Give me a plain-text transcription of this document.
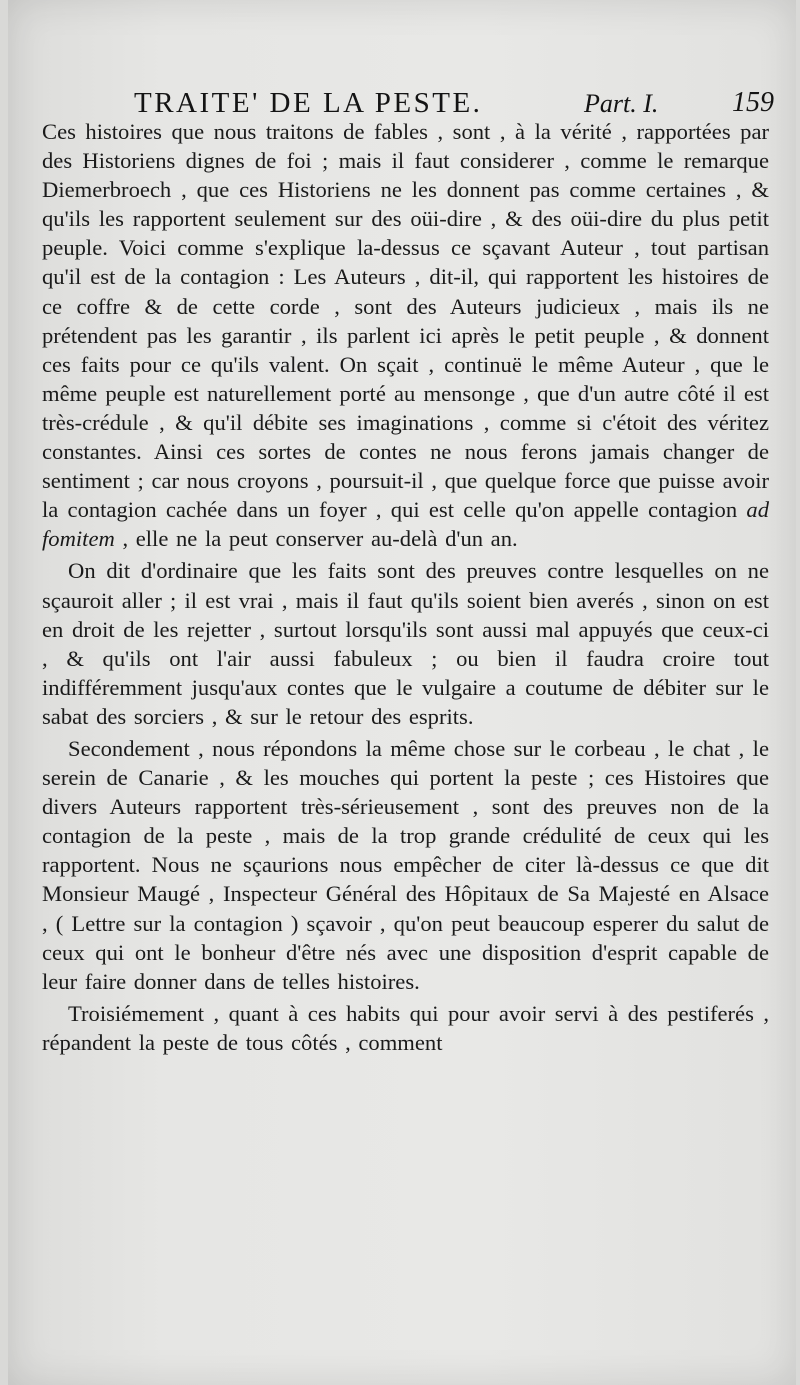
TRAITE' DE LA PESTE.	Part. I.	159

Ces histoires que nous traitons de fables , sont , à la vérité , rapportées par des Historiens dignes de foi ; mais il faut considerer , comme le remarque Diemerbroech , que ces Historiens ne les donnent pas comme certaines , & qu'ils les rapportent seulement sur des oüi-dire , & des oüi-dire du plus petit peuple. Voici comme s'explique la-dessus ce sçavant Auteur , tout partisan qu'il est de la contagion : Les Auteurs , dit-il, qui rapportent les histoires de ce coffre & de cette corde , sont des Auteurs judicieux , mais ils ne prétendent pas les garantir , ils parlent ici après le petit peuple , & donnent ces faits pour ce qu'ils valent. On sçait , continuë le même Auteur , que le même peuple est naturellement porté au mensonge , que d'un autre côté il est très-crédule , & qu'il débite ses imaginations , comme si c'étoit des véritez constantes. Ainsi ces sortes de contes ne nous ferons jamais changer de sentiment ; car nous croyons , poursuit-il , que quelque force que puisse avoir la contagion cachée dans un foyer , qui est celle qu'on appelle contagion ad fomitem , elle ne la peut conserver au-delà d'un an.

On dit d'ordinaire que les faits sont des preuves contre lesquelles on ne sçauroit aller ; il est vrai , mais il faut qu'ils soient bien averés , sinon on est en droit de les rejetter , surtout lorsqu'ils sont aussi mal appuyés que ceux-ci , & qu'ils ont l'air aussi fabuleux ; ou bien il faudra croire tout indifféremment jusqu'aux contes que le vulgaire a coutume de débiter sur le sabat des sorciers , & sur le retour des esprits.

Secondement , nous répondons la même chose sur le corbeau , le chat , le serein de Canarie , & les mouches qui portent la peste ; ces Histoires que divers Auteurs rapportent très-sérieusement , sont des preuves non de la contagion de la peste , mais de la trop grande crédulité de ceux qui les rapportent. Nous ne sçaurions nous empêcher de citer là-dessus ce que dit Monsieur Maugé , Inspecteur Général des Hôpitaux de Sa Majesté en Alsace , ( Lettre sur la contagion ) sçavoir , qu'on peut beaucoup esperer du salut de ceux qui ont le bonheur d'être nés avec une disposition d'esprit capable de leur faire donner dans de telles histoires.

Troisiémement , quant à ces habits qui pour avoir servi à des pestiferés , répandent la peste de tous côtés , comment
